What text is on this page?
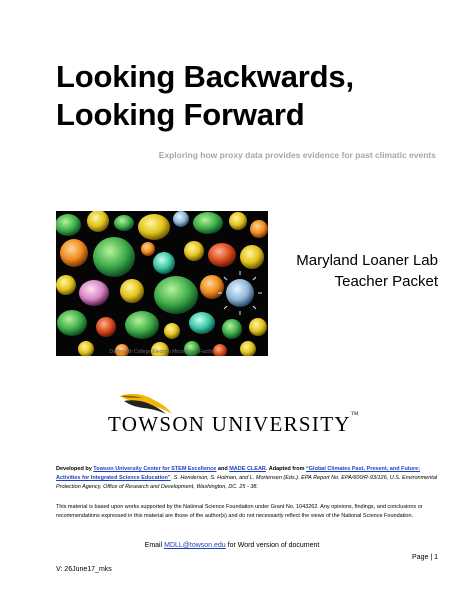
Looking Backwards,
Looking Forward
Exploring how proxy data provides evidence for past climatic events
Dartmouth College Electron Microscope Facility
Maryland Loaner Lab
Teacher Packet
TOWSON UNIVERSITY™
Developed by Towson University Center for STEM Excellence and MADE CLEAR. Adapted from “Global Climates Past, Present, and Future: Activities for Integrated Science Education”. S. Henderson, S. Holman, and L. Mortensen (Eds.). EPA Report No. EPA/600/R-93/126, U.S. Environmental Protection Agency, Office of Research and Development, Washington, DC. 25 - 38.
This material is based upon works supported by the National Science Foundation under Grant No. 1043262. Any opinions, findings, and conclusions or recommendations expressed in this material are those of the author(s) and do not necessarily reflect the views of the National Science Foundation.
Email MDLL@towson.edu for Word version of document
Page | 1
V: 26June17_mks
